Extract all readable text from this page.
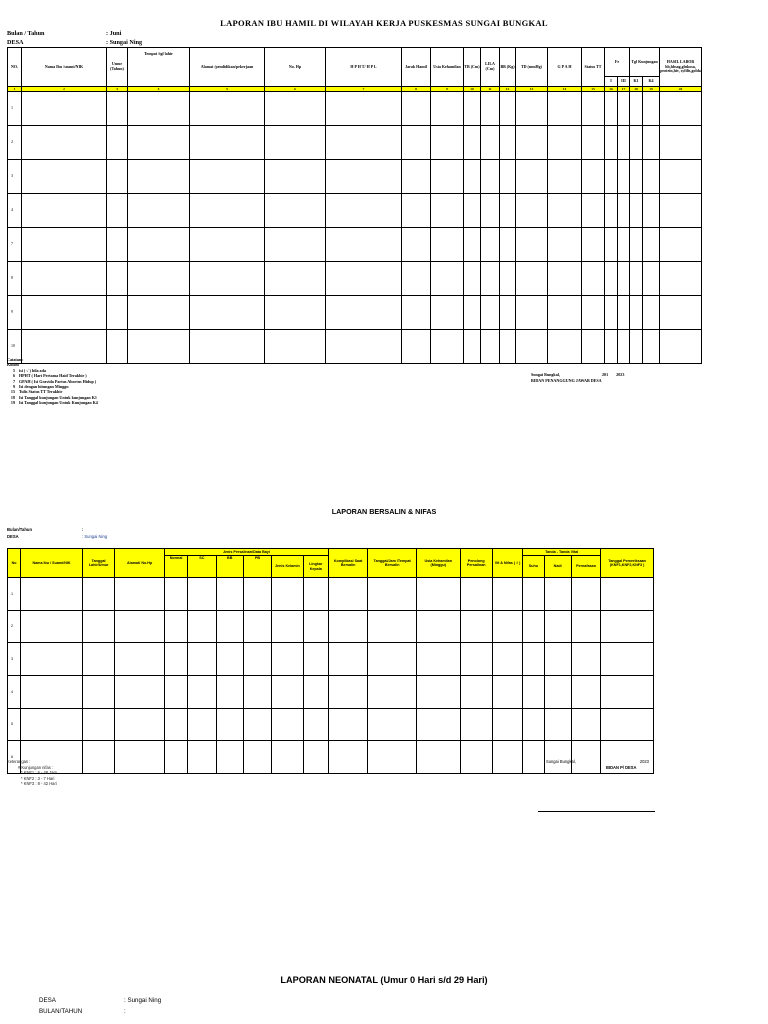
LAPORAN IBU HAMIL DI WILAYAH KERJA PUSKESMAS SUNGAI BUNGKAL
Bulan / Tahun	: Juni
DESA	: Sungai Ning
NO.	Nama Ibu /suami/NIK	Umur (Tahun)	Tempat /tgl lahir	Alamat /pendidikan/pekerjaan	No. Hp	H P H T/ H P L	Jarak Hamil	Usia Kehamilan	TB (Cm)	LILA (Cm)	BB (Kg)	TD (mmHg)	G P A H	Status TT	Fe		Tgl Kunjungan		HASIL LABOR hb,hbsag,glukosa, protein,hiv, syfilis,golda
															I	III	K1	K4	
1	2	3	4	5	6	7	8	9	10	11	12	13	14	15	16	17	18	19	20
1																			
2																			
3																			
4																			
7																			
8																			
9																			
10																			
Catatan :
Kolom
5 isi ( √ ) bila ada
6 HPHT ( Hari Pertama Haid Terakhir )
7 GPAH ( Isi Gravida Partus Abortus Hidup )
9 Isi dengan hitungan Minggu
15 Tulis Status TT Terakhir
18 Isi Tanggal kunjungan Untuk kunjungan K1
19 Isi Tanggal kunjungan Untuk Kunjungan K4
Sungai Bungkal,	201 2023
BIDAN PENANGGUNG JAWAB DESA
LAPORAN BERSALIN & NIFAS
Bulan/Tahun	:
DESA	: Sungai Ning
No	Nama Ibu / Suami/NIK	Tanggal Lahir/Umur	Alamat/ No.Hp	Jenis Persalinan/Data Bayi						Komplikasi Saat Bersalin	Tanggal/Jam /Tempat Bersalin	Usia Kehamilan (Minggu)	Penolong Persalinan	Vit A Nifas ( √ )	Tanda - Tanda Vital			Tanggal Pemeriksaan (KNF1,KNF2,KNF3 )
				Normal	SC	BB	PB	Jenis Kelamin	Lingkar Kepala						Suhu	Nadi	Pernafasan	
1																		
2																		
3																		
4																		
5																		
6																		
Keterangan :
# Kunjungan nifas :
* KNF1 : 6 - 48 Jam
* KNF2 : 3 - 7 Hari
* KNF3 : 8 - 42 Hari
Sungai Bungkal,	2023
BIDAN P/ DESA
LAPORAN NEONATAL (Umur 0 Hari s/d 29 Hari)
DESA	: Sungai Ning
BULAN/TAHUN	:
